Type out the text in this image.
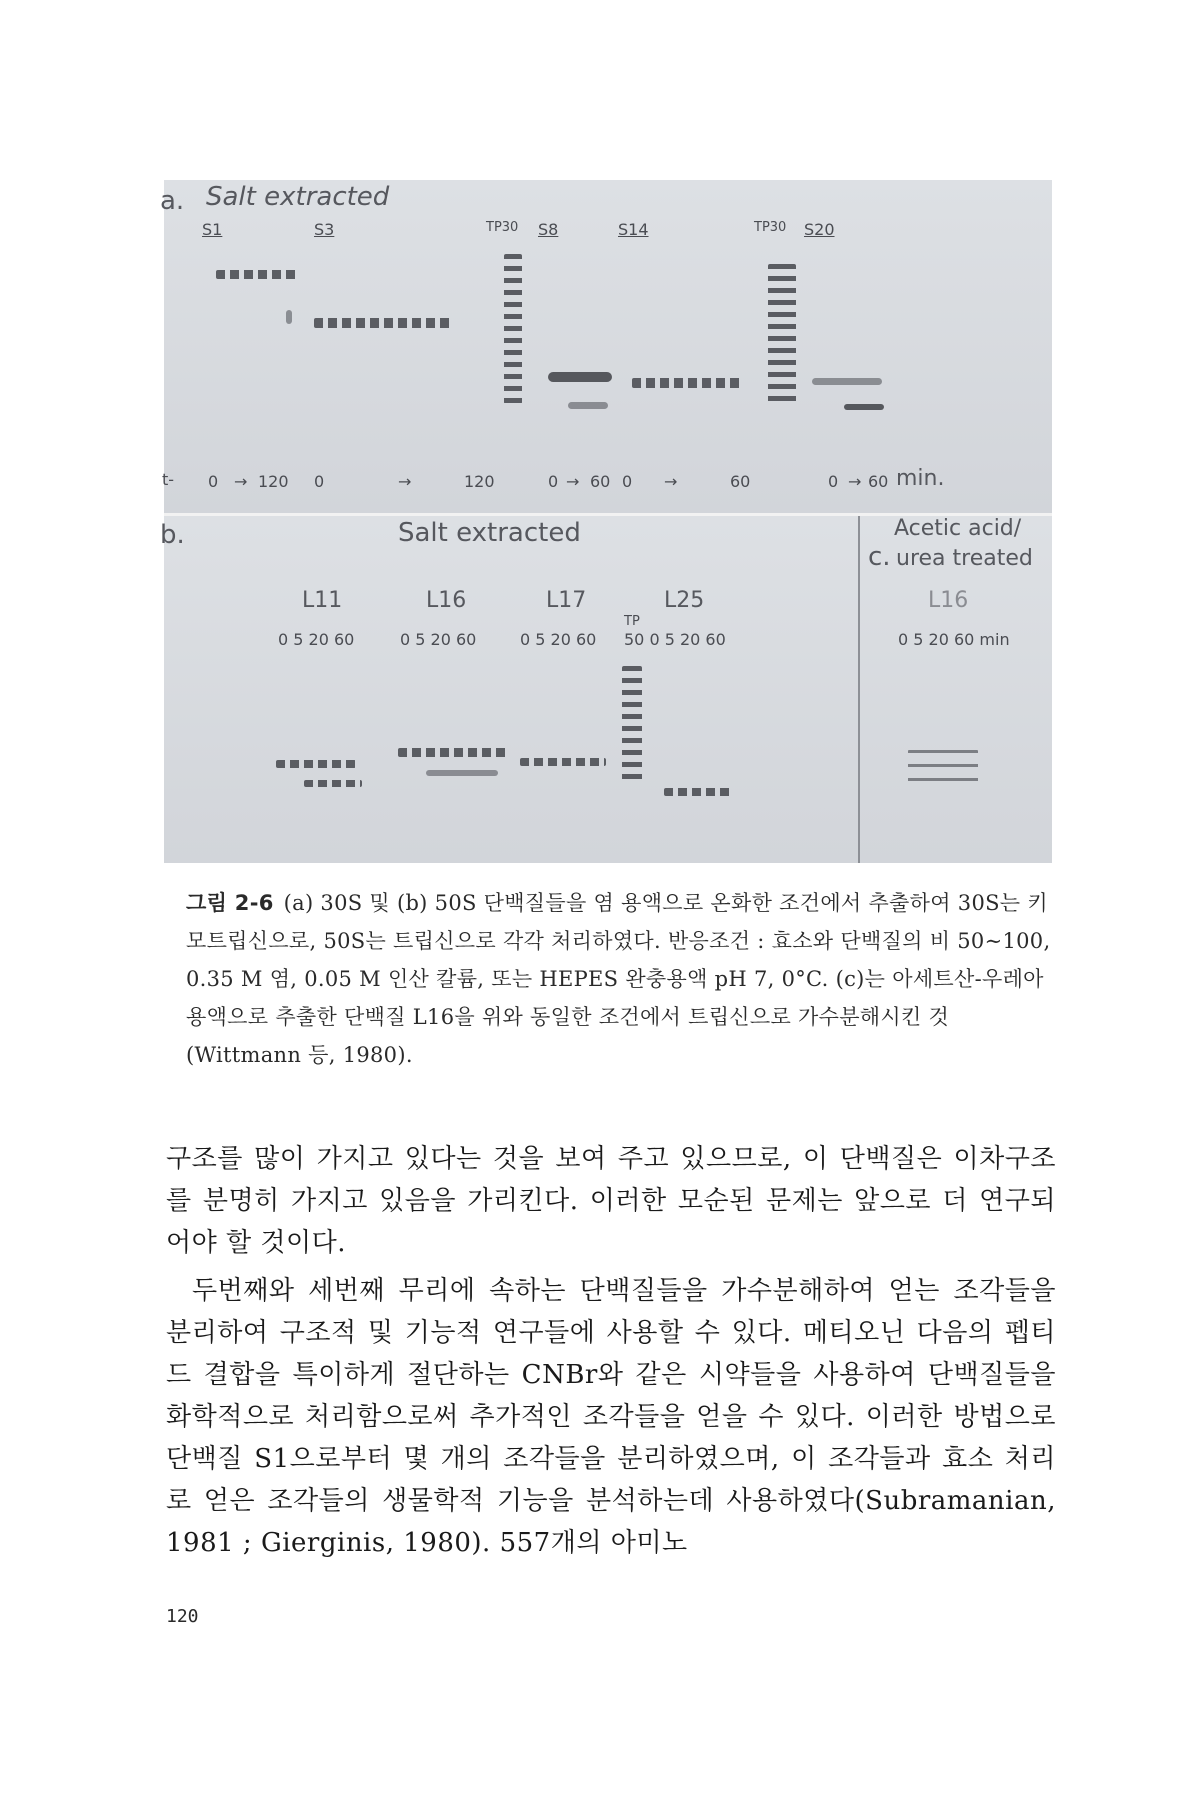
a. Salt extracted
S1	S3	TP30 S8	S14	TP30 S20
t- 0 → 120 0	→	120	0 → 60 0 →	60	0 → 60 min.
b.	Salt extracted
L11	L16	L17	L25
TP
0 5 20 60	0 5 20 60	0 5 20 60 50 0 5 20 60
c.
Acetic acid/
urea treated
L16
0 5 20 60 min
그림 2-6 (a) 30S 및 (b) 50S 단백질들을 염 용액으로 온화한 조건에서 추출하여 30S는 키모트립신으로, 50S는 트립신으로 각각 처리하였다. 반응조건 : 효소와 단백질의 비 50∼100, 0.35 M 염, 0.05 M 인산 칼륨, 또는 HEPES 완충용액 pH 7, 0°C. (c)는 아세트산-우레아 용액으로 추출한 단백질 L16을 위와 동일한 조건에서 트립신으로 가수분해시킨 것(Wittmann 등, 1980).

구조를 많이 가지고 있다는 것을 보여 주고 있으므로, 이 단백질은 이차구조를 분명히 가지고 있음을 가리킨다. 이러한 모순된 문제는 앞으로 더 연구되어야 할 것이다.

두번째와 세번째 무리에 속하는 단백질들을 가수분해하여 얻는 조각들을 분리하여 구조적 및 기능적 연구들에 사용할 수 있다. 메티오닌 다음의 펩티드 결합을 특이하게 절단하는 CNBr와 같은 시약들을 사용하여 단백질들을 화학적으로 처리함으로써 추가적인 조각들을 얻을 수 있다. 이러한 방법으로 단백질 S1으로부터 몇 개의 조각들을 분리하였으며, 이 조각들과 효소 처리로 얻은 조각들의 생물학적 기능을 분석하는데 사용하였다(Subramanian, 1981 ; Gierginis, 1980). 557개의 아미노

120
